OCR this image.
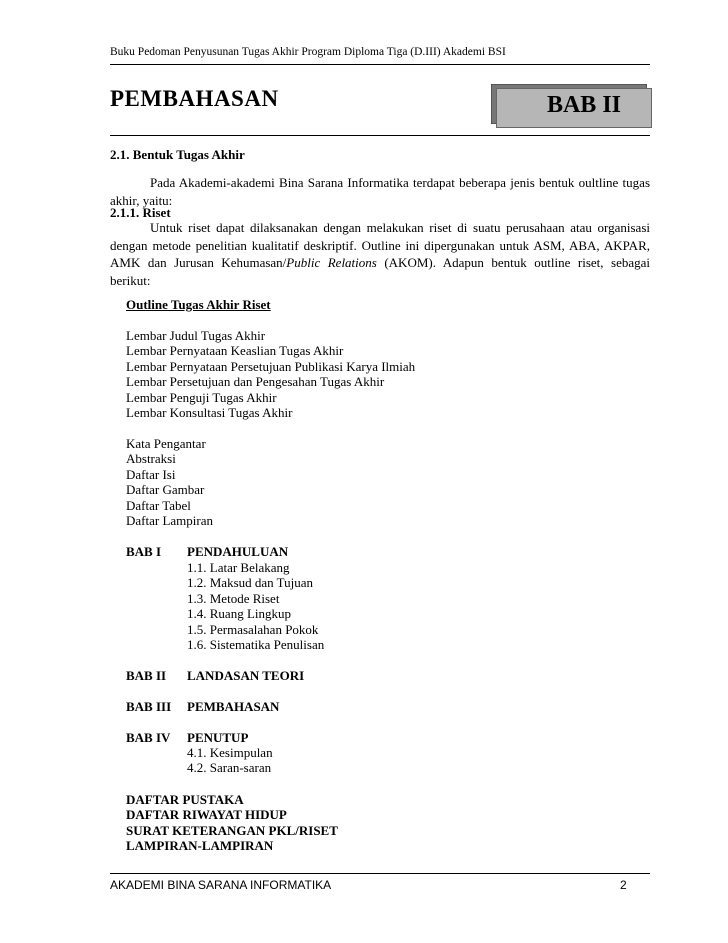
Buku Pedoman Penyusunan Tugas Akhir Program Diploma Tiga (D.III) Akademi BSI
PEMBAHASAN	BAB II
2.1. Bentuk Tugas Akhir
Pada Akademi-akademi Bina Sarana Informatika terdapat beberapa jenis bentuk oultline tugas akhir, yaitu:
2.1.1. Riset
Untuk riset dapat dilaksanakan dengan melakukan riset di suatu perusahaan atau organisasi dengan metode penelitian kualitatif deskriptif. Outline ini dipergunakan untuk ASM, ABA, AKPAR, AMK dan Jurusan Kehumasan/Public Relations (AKOM). Adapun bentuk outline riset, sebagai berikut:
Outline Tugas Akhir Riset
Lembar Judul Tugas Akhir
Lembar Pernyataan Keaslian Tugas Akhir
Lembar Pernyataan Persetujuan Publikasi Karya Ilmiah
Lembar Persetujuan dan Pengesahan Tugas Akhir
Lembar Penguji Tugas Akhir
Lembar Konsultasi Tugas Akhir
Kata Pengantar
Abstraksi
Daftar Isi
Daftar Gambar
Daftar Tabel
Daftar Lampiran
BAB I PENDAHULUAN
1.1. Latar Belakang
1.2. Maksud dan Tujuan
1.3. Metode Riset
1.4. Ruang Lingkup
1.5. Permasalahan Pokok
1.6. Sistematika Penulisan
BAB II LANDASAN TEORI
BAB III PEMBAHASAN
BAB IV PENUTUP
4.1. Kesimpulan
4.2. Saran-saran
DAFTAR PUSTAKA
DAFTAR RIWAYAT HIDUP
SURAT KETERANGAN PKL/RISET
LAMPIRAN-LAMPIRAN
AKADEMI BINA SARANA INFORMATIKA	2
